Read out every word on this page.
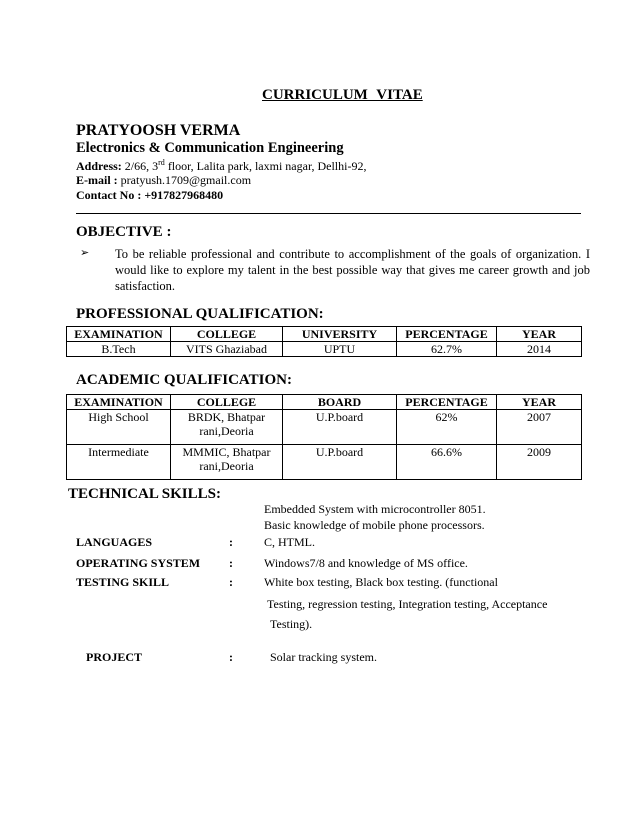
CURRICULUM VITAE
PRATYOOSH VERMA
Electronics & Communication Engineering
Address: 2/66, 3rd floor, Lalita park, laxmi nagar, Dellhi-92,
E-mail : pratyush.1709@gmail.com
Contact No : +917827968480
OBJECTIVE :
➢ To be reliable professional and contribute to accomplishment of the goals of organization. I would like to explore my talent in the best possible way that gives me career growth and job satisfaction.
PROFESSIONAL QUALIFICATION:
EXAMINATION	COLLEGE	UNIVERSITY	PERCENTAGE	YEAR
B.Tech	VITS Ghaziabad	UPTU	62.7%	2014
ACADEMIC QUALIFICATION:
EXAMINATION	COLLEGE	BOARD	PERCENTAGE	YEAR
High School	BRDK, Bhatpar rani,Deoria	U.P.board	62%	2007
Intermediate	MMMIC, Bhatpar rani,Deoria	U.P.board	66.6%	2009
TECHNICAL SKILLS:
Embedded System with microcontroller 8051.
Basic knowledge of mobile phone processors.
LANGUAGES	:	C, HTML.
OPERATING SYSTEM :	Windows7/8 and knowledge of MS office.
TESTING SKILL	:	White box testing, Black box testing. (functional
Testing, regression testing, Integration testing, Acceptance
Testing).
PROJECT	:	Solar tracking system.
